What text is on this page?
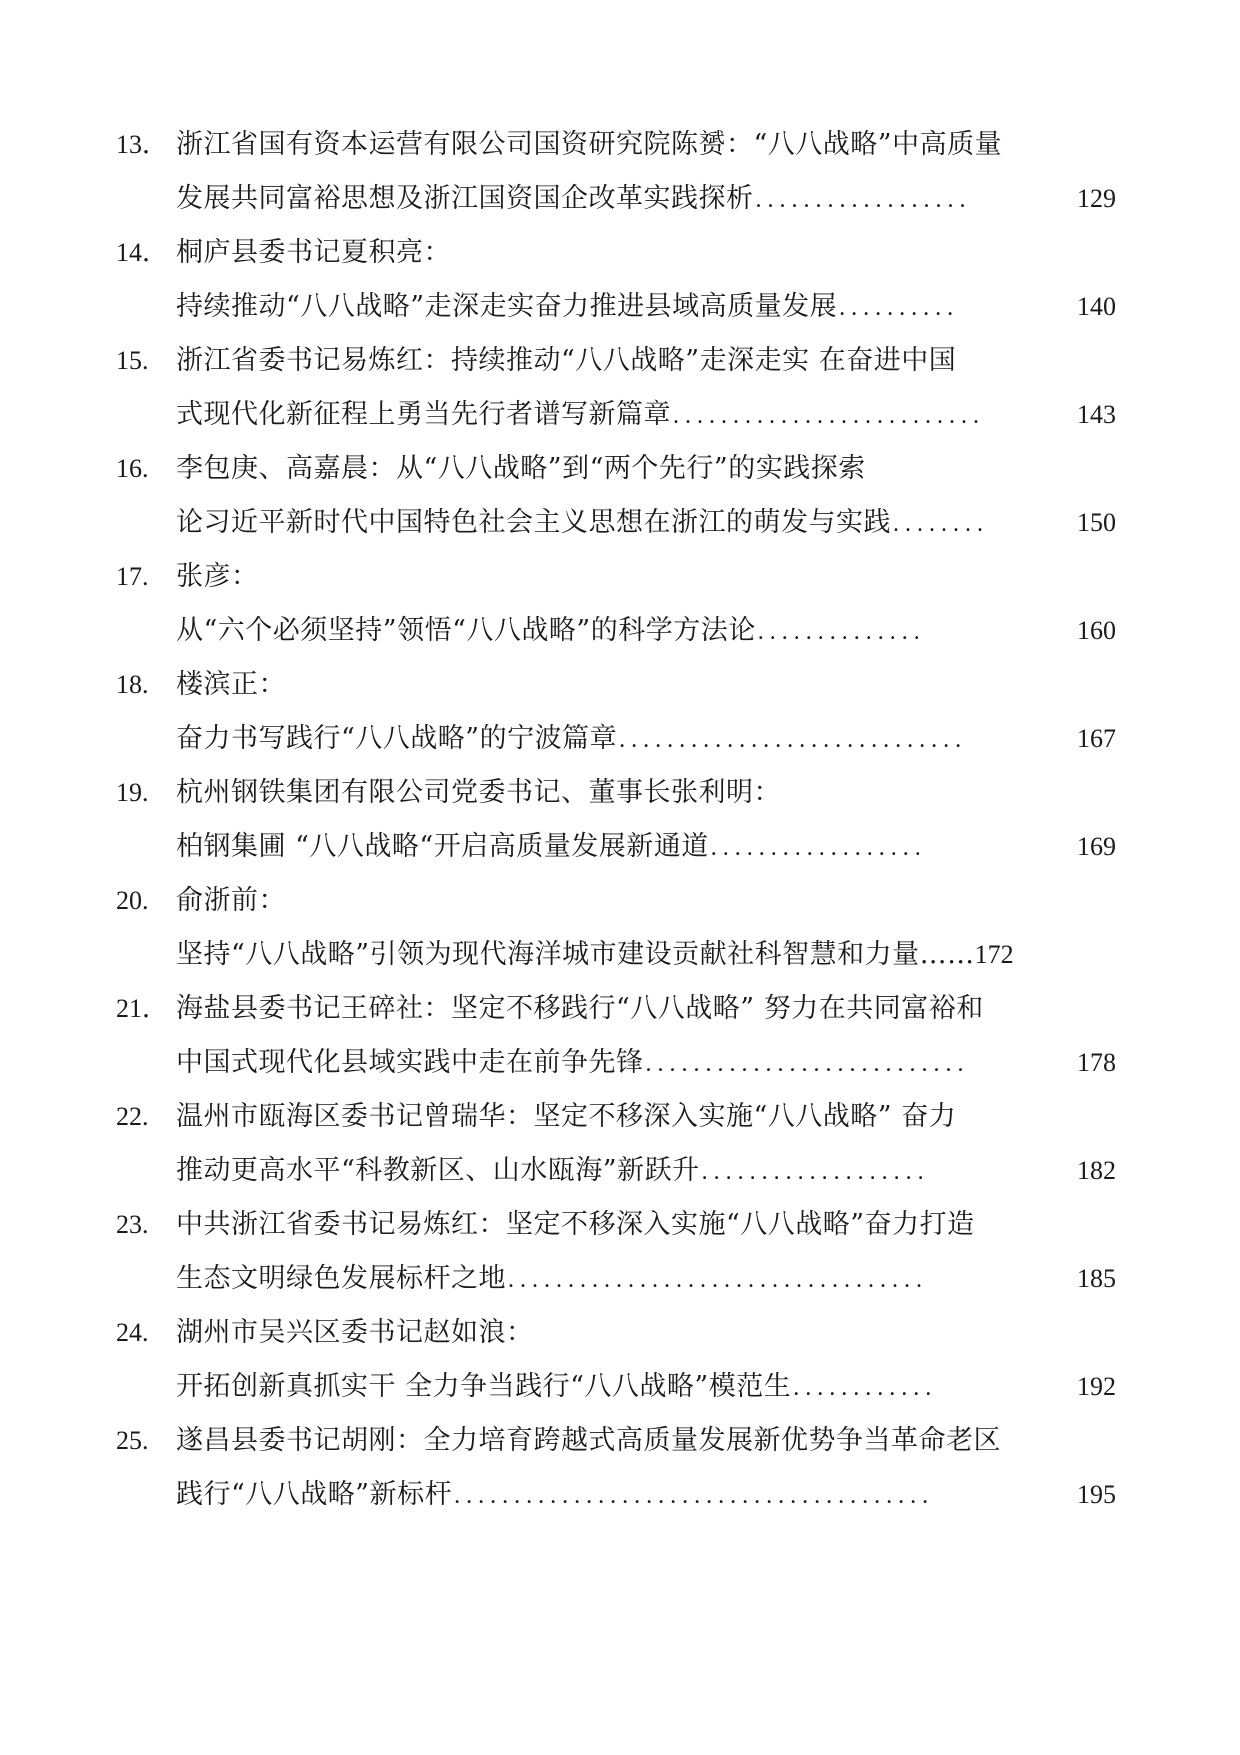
13． 浙江省国有资本运营有限公司国资研究院陈赟：“八八战略”中高质量
发展共同富裕思想及浙江国资国企改革实践探析 ..................	129
14． 桐庐县委书记夏积亮：
持续推动“八八战略”走深走实奋力推进县域高质量发展 ..........	140
15. 浙江省委书记易炼红：持续推动“八八战略”走深走实 在奋进中国
式现代化新征程上勇当先行者谱写新篇章 ..........................	143
16. 李包庚、高嘉晨：从“八八战略”到“两个先行”的实践探索
论习近平新时代中国特色社会主义思想在浙江的萌发与实践 ........	150
17. 张彦：
从“六个必须坚持”领悟“八八战略”的科学方法论 ..............	160
18. 楼滨正：
奋力书写践行“八八战略”的宁波篇章 .............................	167
19. 杭州钢铁集团有限公司党委书记、董事长张利明：
柏钢集圃 “八八战略“开启高质量发展新通道 ..................	169
20. 俞浙前：
坚持“八八战略”引领为现代海洋城市建设贡献社科智慧和力量…… 172
21． 海盐县委书记王碎社：坚定不移践行“八八战略” 努力在共同富裕和
中国式现代化县域实践中走在前争先锋 ...........................	178
22. 温州市瓯海区委书记曾瑞华：坚定不移深入实施“八八战略” 奋力
推动更高水平“科教新区、山水瓯海”新跃升 ...................	182
23. 中共浙江省委书记易炼红：坚定不移深入实施“八八战略”奋力打造
生态文明绿色发展标杆之地 ...................................	185
24. 湖州市吴兴区委书记赵如浪：
开拓创新真抓实干 全力争当践行“八八战略”模范生 ............	192
25. 遂昌县委书记胡刚：全力培育跨越式高质量发展新优势争当革命老区
践行“八八战略”新标杆 ........................................	195
